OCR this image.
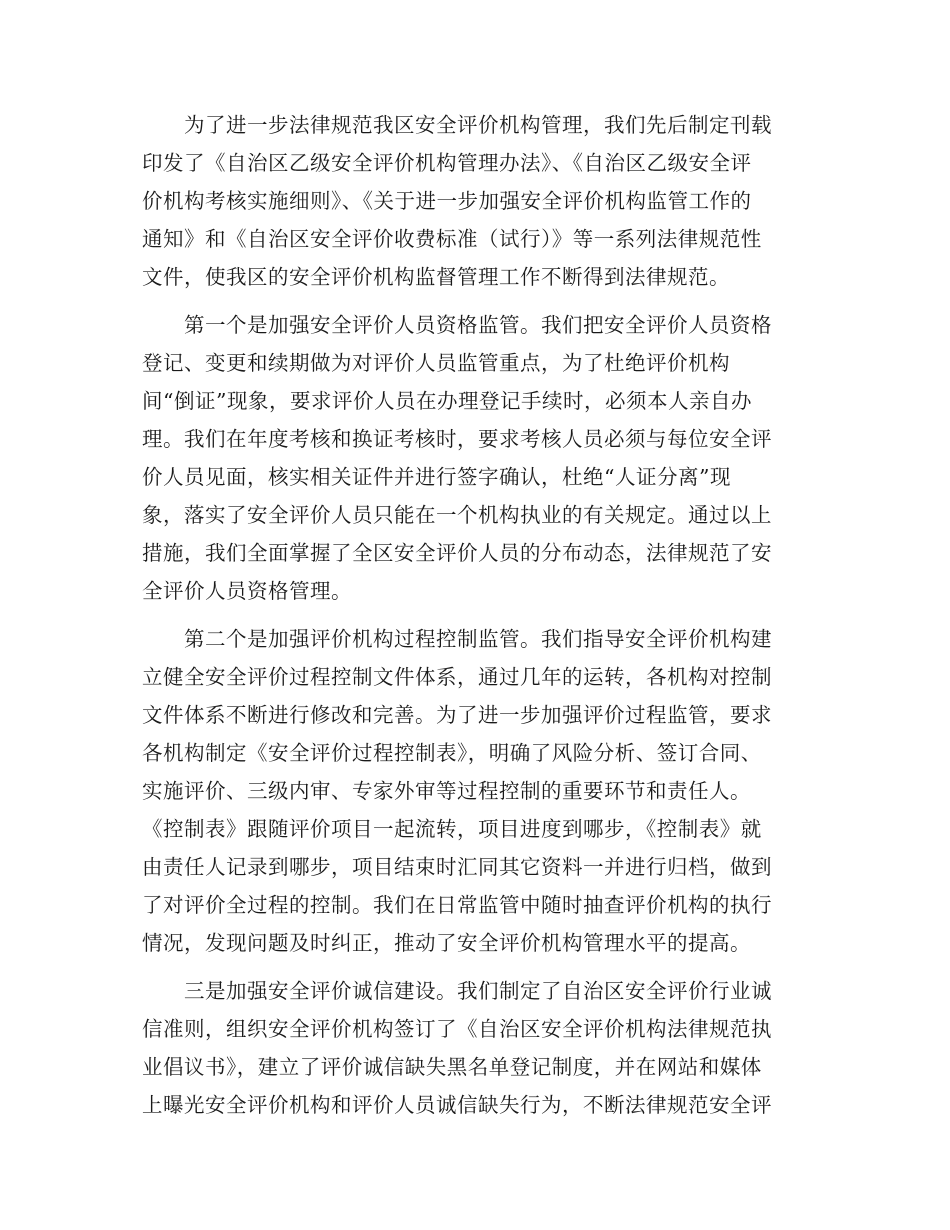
为了进一步法律规范我区安全评价机构管理，我们先后制定刊载
印发了《自治区乙级安全评价机构管理办法》、《自治区乙级安全评
价机构考核实施细则》、《关于进一步加强安全评价机构监管工作的
通知》和《自治区安全评价收费标准（试行）》等一系列法律规范性
文件，使我区的安全评价机构监督管理工作不断得到法律规范。
第一个是加强安全评价人员资格监管。我们把安全评价人员资格
登记、变更和续期做为对评价人员监管重点，为了杜绝评价机构
间“倒证”现象，要求评价人员在办理登记手续时，必须本人亲自办
理。我们在年度考核和换证考核时，要求考核人员必须与每位安全评
价人员见面，核实相关证件并进行签字确认，杜绝“人证分离”现
象，落实了安全评价人员只能在一个机构执业的有关规定。通过以上
措施，我们全面掌握了全区安全评价人员的分布动态，法律规范了安
全评价人员资格管理。
第二个是加强评价机构过程控制监管。我们指导安全评价机构建
立健全安全评价过程控制文件体系，通过几年的运转，各机构对控制
文件体系不断进行修改和完善。为了进一步加强评价过程监管，要求
各机构制定《安全评价过程控制表》，明确了风险分析、签订合同、
实施评价、三级内审、专家外审等过程控制的重要环节和责任人。
《控制表》跟随评价项目一起流转，项目进度到哪步，《控制表》就
由责任人记录到哪步，项目结束时汇同其它资料一并进行归档，做到
了对评价全过程的控制。我们在日常监管中随时抽查评价机构的执行
情况，发现问题及时纠正，推动了安全评价机构管理水平的提高。
三是加强安全评价诚信建设。我们制定了自治区安全评价行业诚
信准则，组织安全评价机构签订了《自治区安全评价机构法律规范执
业倡议书》，建立了评价诚信缺失黑名单登记制度，并在网站和媒体
上曝光安全评价机构和评价人员诚信缺失行为，不断法律规范安全评
